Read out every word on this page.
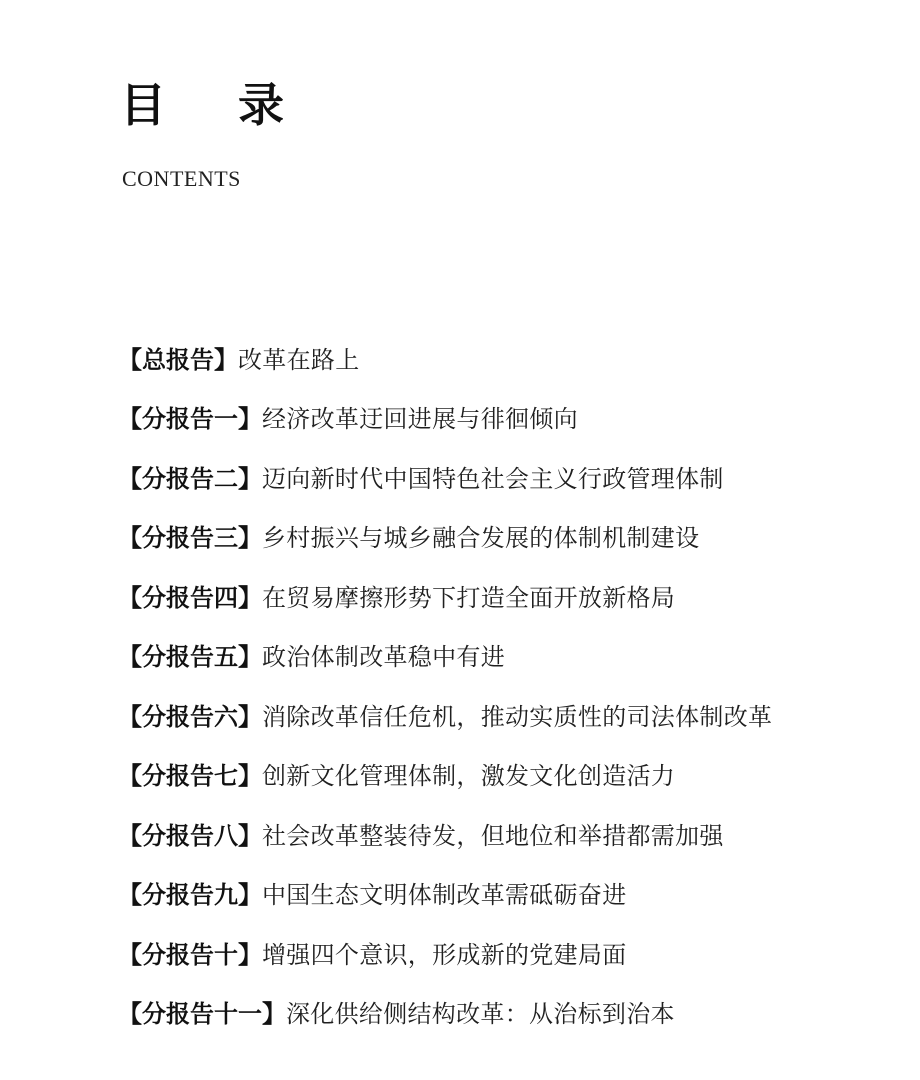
目 录
CONTENTS
【 总报告 】 改革在路上
【 分报告一 】 经济改革迂回进展与徘徊倾向
【 分报告二 】 迈向新时代中国特色社会主义行政管理体制
【 分报告三 】 乡村振兴与城乡融合发展的体制机制建设
【 分报告四 】 在贸易摩擦形势下打造全面开放新格局
【 分报告五 】 政治体制改革稳中有进
【 分报告六 】 消除改革信任危机，推动实质性的司法体制改革
【 分报告七 】 创新文化管理体制，激发文化创造活力
【 分报告八 】 社会改革整装待发，但地位和举措都需加强
【 分报告九 】 中国生态文明体制改革需砥砺奋进
【 分报告十 】 增强四个意识，形成新的党建局面
【 分报告十一 】 深化供给侧结构改革：从治标到治本
